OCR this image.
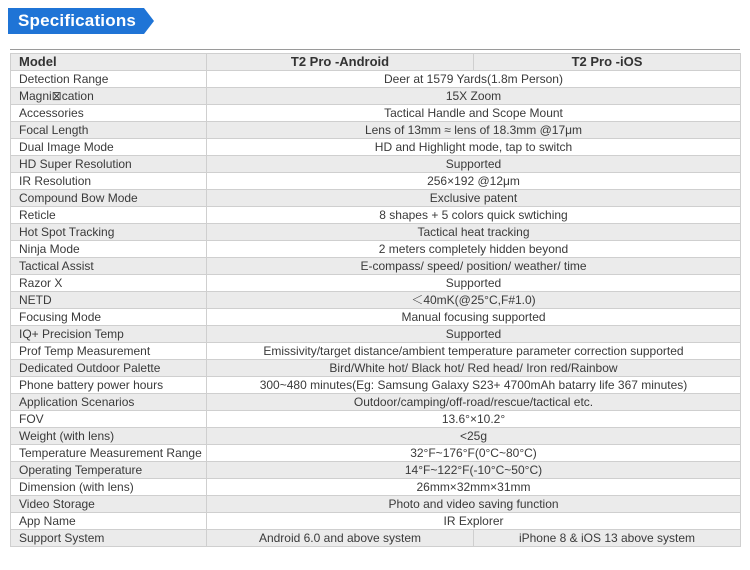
Specifications
Model	T2 Pro -Android	T2 Pro -iOS
Detection Range	Deer at 1579 Yards(1.8m Person)	
Magni⊠cation	15X Zoom	
Accessories	Tactical Handle and Scope Mount	
Focal Length	Lens of 13mm ≈ lens of 18.3mm @17μm	
Dual Image Mode	HD and Highlight mode, tap to switch	
HD Super Resolution	Supported	
IR Resolution	256×192 @12μm	
Compound Bow Mode	Exclusive patent	
Reticle	8 shapes + 5 colors quick swtiching	
Hot Spot Tracking	Tactical heat tracking	
Ninja Mode	2 meters completely hidden beyond	
Tactical Assist	E-compass/ speed/ position/ weather/ time	
Razor X	Supported	
NETD	＜40mK(@25°C,F#1.0)	
Focusing Mode	Manual focusing supported	
IQ+ Precision Temp	Supported	
Prof Temp Measurement	Emissivity/target distance/ambient temperature parameter correction supported	
Dedicated Outdoor Palette	Bird/White hot/ Black hot/ Red head/ Iron red/Rainbow	
Phone battery power hours	300~480 minutes(Eg: Samsung Galaxy S23+ 4700mAh batarry life 367 minutes)	
Application Scenarios	Outdoor/camping/off-road/rescue/tactical etc.	
FOV	13.6°×10.2°	
Weight (with lens)	<25g	
Temperature Measurement Range	32°F~176°F(0°C~80°C)	
Operating Temperature	14°F~122°F(-10°C~50°C)	
Dimension (with lens)	26mm×32mm×31mm	
Video Storage	Photo and video saving function	
App Name	IR Explorer	
Support System	Android 6.0 and above system	iPhone 8 & iOS 13 above system
